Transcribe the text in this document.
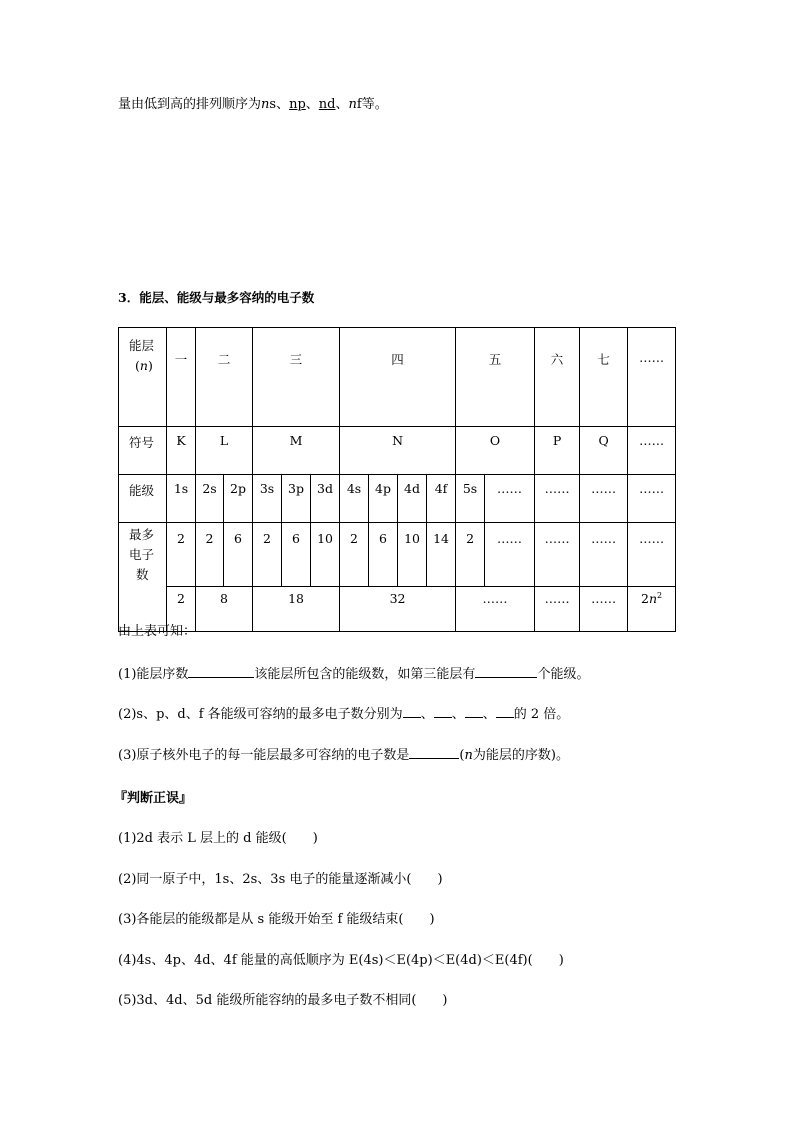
量由低到高的排列顺序为ns、np、nd、nf等。
3．能层、能级与最多容纳的电子数
能层
(n)	一	二		三			四				五		六	七	……
符号	K	L		M			N				O		P	Q	……
能级	1s	2s	2p	3s	3p	3d	4s	4p	4d	4f	5s	……	……	……	……
最多
电子
数	2	2	6	2	6	10	2	6	10	14	2	……	……	……	……
	2	8		18			32				……		……	……	$2n^2$
由上表可知：
(1)能层序数	该能层所包含的能级数，如第三能层有	个能级。
(2)s、p、d、f 各能级可容纳的最多电子数分别为 、 、 、 的 2 倍。
(3)原子核外电子的每一能层最多可容纳的电子数是	(n为能层的序数)。
『判断正误』
(1)2d 表示 L 层上的 d 能级(　　)
(2)同一原子中，1s、2s、3s 电子的能量逐渐减小(　　)
(3)各能层的能级都是从 s 能级开始至 f 能级结束(　　)
(4)4s、4p、4d、4f 能量的高低顺序为 E(4s)＜E(4p)＜E(4d)＜E(4f)(　　)
(5)3d、4d、5d 能级所能容纳的最多电子数不相同(　　)
